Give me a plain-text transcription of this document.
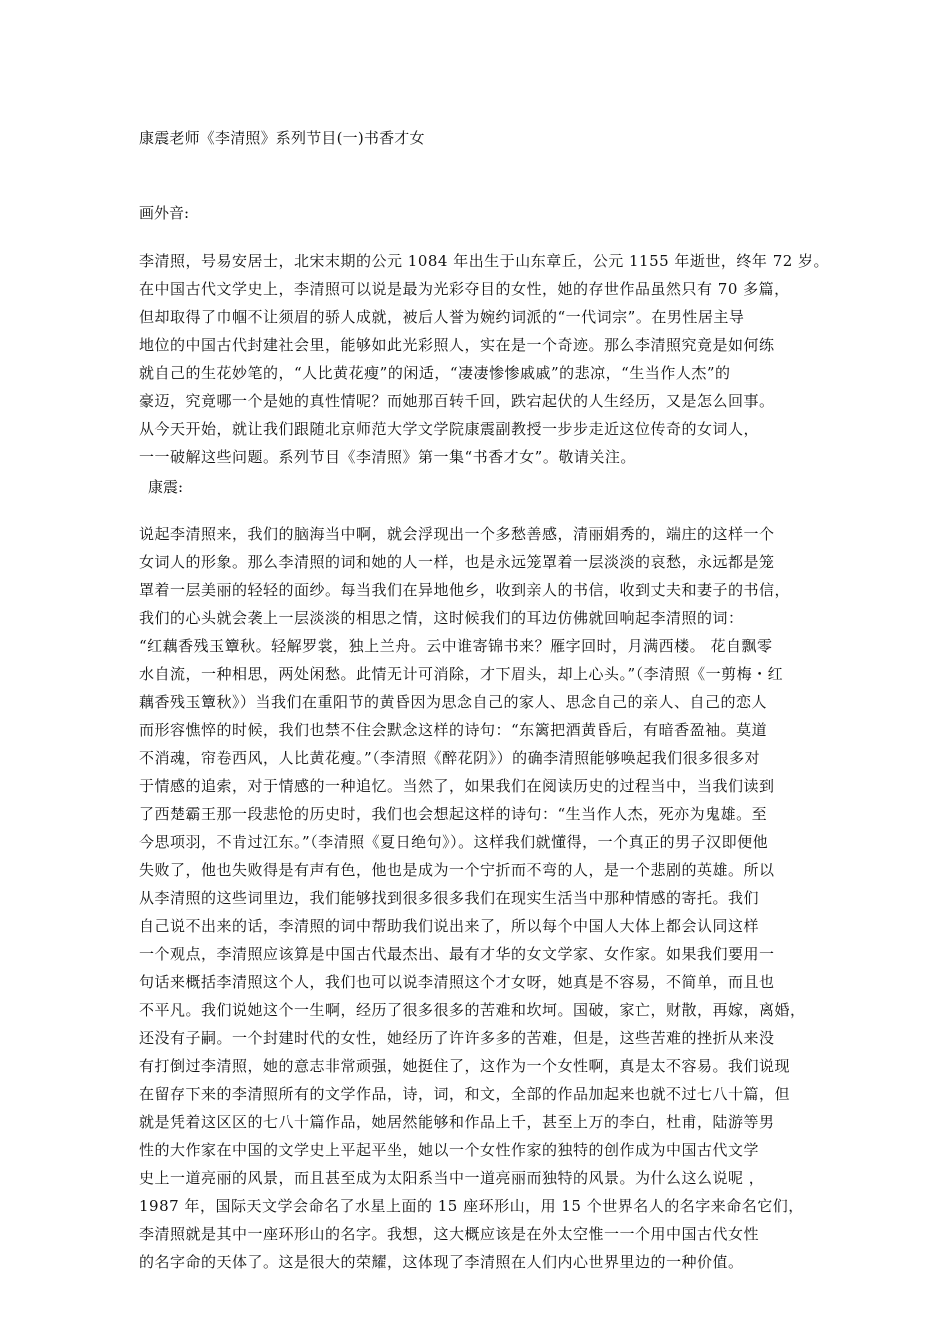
康震老师《李清照》系列节目(一)书香才女
画外音:
李清照，号易安居士，北宋末期的公元 1084 年出生于山东章丘，公元 1155 年逝世，终年 72 岁。
在中国古代文学史上，李清照可以说是最为光彩夺目的女性，她的存世作品虽然只有 70 多篇，
但却取得了巾帼不让须眉的骄人成就，被后人誉为婉约词派的“一代词宗”。在男性居主导
地位的中国古代封建社会里，能够如此光彩照人，实在是一个奇迹。那么李清照究竟是如何练
就自己的生花妙笔的，“人比黄花瘦”的闲适，“凄凄惨惨戚戚”的悲凉，“生当作人杰”的
豪迈，究竟哪一个是她的真性情呢？而她那百转千回，跌宕起伏的人生经历，又是怎么回事。
从今天开始，就让我们跟随北京师范大学文学院康震副教授一步步走近这位传奇的女词人，
一一破解这些问题。系列节目《李清照》第一集“书香才女”。敬请关注。
康震:
说起李清照来，我们的脑海当中啊，就会浮现出一个多愁善感，清丽娟秀的，端庄的这样一个
女词人的形象。那么李清照的词和她的人一样，也是永远笼罩着一层淡淡的哀愁，永远都是笼
罩着一层美丽的轻轻的面纱。每当我们在异地他乡，收到亲人的书信，收到丈夫和妻子的书信，
我们的心头就会袭上一层淡淡的相思之情，这时候我们的耳边仿佛就回响起李清照的词：
“红藕香残玉簟秋。轻解罗裳，独上兰舟。云中谁寄锦书来？雁字回时，月满西楼。 花自飘零
水自流，一种相思，两处闲愁。此情无计可消除，才下眉头，却上心头。”（李清照《一剪梅・红
藕香残玉簟秋》）当我们在重阳节的黄昏因为思念自己的家人、思念自己的亲人、自己的恋人
而形容憔悴的时候，我们也禁不住会默念这样的诗句：“东篱把酒黄昏后，有暗香盈袖。莫道
不消魂，帘卷西风，人比黄花瘦。”（李清照《醉花阴》）的确李清照能够唤起我们很多很多对
于情感的追索，对于情感的一种追忆。当然了，如果我们在阅读历史的过程当中，当我们读到
了西楚霸王那一段悲怆的历史时，我们也会想起这样的诗句：“生当作人杰，死亦为鬼雄。至
今思项羽，不肯过江东。”（李清照《夏日绝句》）。这样我们就懂得，一个真正的男子汉即便他
失败了，他也失败得是有声有色，他也是成为一个宁折而不弯的人，是一个悲剧的英雄。所以
从李清照的这些词里边，我们能够找到很多很多我们在现实生活当中那种情感的寄托。我们
自己说不出来的话，李清照的词中帮助我们说出来了，所以每个中国人大体上都会认同这样
一个观点，李清照应该算是中国古代最杰出、最有才华的女文学家、女作家。如果我们要用一
句话来概括李清照这个人，我们也可以说李清照这个才女呀，她真是不容易，不简单，而且也
不平凡。我们说她这个一生啊，经历了很多很多的苦难和坎坷。国破，家亡，财散，再嫁，离婚，
还没有子嗣。一个封建时代的女性，她经历了许许多多的苦难，但是，这些苦难的挫折从来没
有打倒过李清照，她的意志非常顽强，她挺住了，这作为一个女性啊，真是太不容易。我们说现
在留存下来的李清照所有的文学作品，诗，词，和文，全部的作品加起来也就不过七八十篇，但
就是凭着这区区的七八十篇作品，她居然能够和作品上千，甚至上万的李白，杜甫，陆游等男
性的大作家在中国的文学史上平起平坐，她以一个女性作家的独特的创作成为中国古代文学
史上一道亮丽的风景，而且甚至成为太阳系当中一道亮丽而独特的风景。为什么这么说呢 ，
1987 年，国际天文学会命名了水星上面的 15 座环形山，用 15 个世界名人的名字来命名它们，
李清照就是其中一座环形山的名字。我想，这大概应该是在外太空惟一一个用中国古代女性
的名字命的天体了。这是很大的荣耀，这体现了李清照在人们内心世界里边的一种价值。
